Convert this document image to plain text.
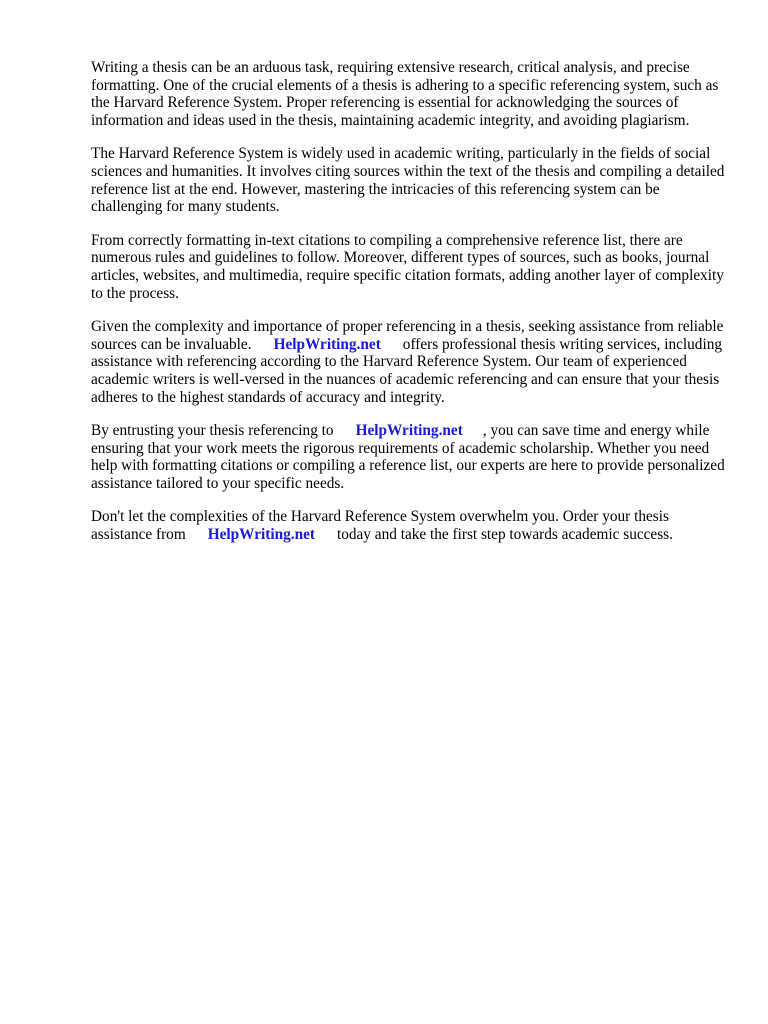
Writing a thesis can be an arduous task, requiring extensive research, critical analysis, and precise formatting. One of the crucial elements of a thesis is adhering to a specific referencing system, such as the Harvard Reference System. Proper referencing is essential for acknowledging the sources of information and ideas used in the thesis, maintaining academic integrity, and avoiding plagiarism.

The Harvard Reference System is widely used in academic writing, particularly in the fields of social sciences and humanities. It involves citing sources within the text of the thesis and compiling a detailed reference list at the end. However, mastering the intricacies of this referencing system can be challenging for many students.

From correctly formatting in-text citations to compiling a comprehensive reference list, there are numerous rules and guidelines to follow. Moreover, different types of sources, such as books, journal articles, websites, and multimedia, require specific citation formats, adding another layer of complexity to the process.

Given the complexity and importance of proper referencing in a thesis, seeking assistance from reliable sources can be invaluable. HelpWriting.net offers professional thesis writing services, including assistance with referencing according to the Harvard Reference System. Our team of experienced academic writers is well-versed in the nuances of academic referencing and can ensure that your thesis adheres to the highest standards of accuracy and integrity.

By entrusting your thesis referencing to HelpWriting.net , you can save time and energy while ensuring that your work meets the rigorous requirements of academic scholarship. Whether you need help with formatting citations or compiling a reference list, our experts are here to provide personalized assistance tailored to your specific needs.

Don't let the complexities of the Harvard Reference System overwhelm you. Order your thesis assistance from HelpWriting.net today and take the first step towards academic success.
